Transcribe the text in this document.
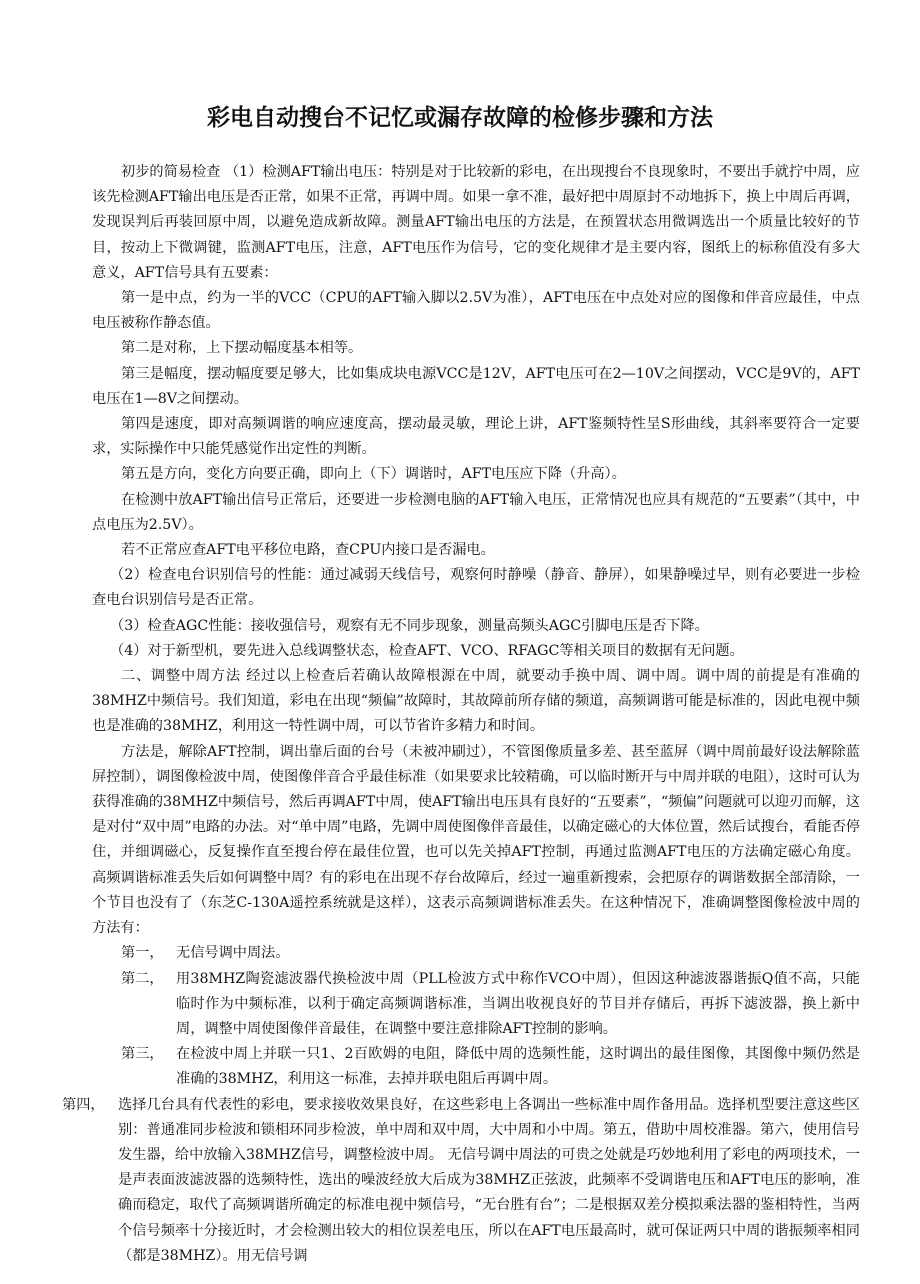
彩电自动搜台不记忆或漏存故障的检修步骤和方法

初步的简易检查 （1）检测AFT输出电压：特别是对于比较新的彩电，在出现搜台不良现象时，不要出手就拧中周，应该先检测AFT输出电压是否正常，如果不正常，再调中周。如果一拿不准，最好把中周原封不动地拆下，换上中周后再调，发现误判后再装回原中周，以避免造成新故障。测量AFT输出电压的方法是，在预置状态用微调选出一个质量比较好的节目，按动上下微调键，监测AFT电压，注意，AFT电压作为信号，它的变化规律才是主要内容，图纸上的标称值没有多大意义，AFT信号具有五要素：

第一是中点，约为一半的VCC（CPU的AFT输入脚以2.5V为准），AFT电压在中点处对应的图像和伴音应最佳，中点电压被称作静态值。

第二是对称，上下摆动幅度基本相等。

第三是幅度，摆动幅度要足够大，比如集成块电源VCC是12V，AFT电压可在2—10V之间摆动，VCC是9V的，AFT电压在1—8V之间摆动。

第四是速度，即对高频调谐的响应速度高，摆动最灵敏，理论上讲，AFT鉴频特性呈S形曲线，其斜率要符合一定要求，实际操作中只能凭感觉作出定性的判断。

第五是方向，变化方向要正确，即向上（下）调谐时，AFT电压应下降（升高）。

在检测中放AFT输出信号正常后，还要进一步检测电脑的AFT输入电压，正常情况也应具有规范的“五要素”（其中，中点电压为2.5V）。

若不正常应查AFT电平移位电路，查CPU内接口是否漏电。

（2）检查电台识别信号的性能：通过减弱天线信号，观察何时静噪（静音、静屏），如果静噪过早，则有必要进一步检查电台识别信号是否正常。

（3）检查AGC性能：接收强信号，观察有无不同步现象，测量高频头AGC引脚电压是否下降。

（4）对于新型机，要先进入总线调整状态，检查AFT、VCO、RFAGC等相关项目的数据有无问题。

二、调整中周方法 经过以上检查后若确认故障根源在中周，就要动手换中周、调中周。调中周的前提是有准确的38MHZ中频信号。我们知道，彩电在出现“频偏”故障时，其故障前所存储的频道，高频调谐可能是标准的，因此电视中频也是准确的38MHZ，利用这一特性调中周，可以节省许多精力和时间。

方法是，解除AFT控制，调出靠后面的台号（未被冲刷过），不管图像质量多差、甚至蓝屏（调中周前最好设法解除蓝屏控制），调图像检波中周，使图像伴音合乎最佳标准（如果要求比较精确，可以临时断开与中周并联的电阻），这时可认为获得准确的38MHZ中频信号，然后再调AFT中周，使AFT输出电压具有良好的“五要素”，“频偏”问题就可以迎刃而解，这是对付“双中周”电路的办法。对“单中周”电路，先调中周使图像伴音最佳，以确定磁心的大体位置，然后试搜台，看能否停住，并细调磁心，反复操作直至搜台停在最佳位置，也可以先关掉AFT控制，再通过监测AFT电压的方法确定磁心角度。 高频调谐标准丢失后如何调整中周？有的彩电在出现不存台故障后，经过一遍重新搜索，会把原存的调谐数据全部清除，一个节目也没有了（东芝C-130A遥控系统就是这样），这表示高频调谐标准丢失。在这种情况下，准确调整图像检波中周的方法有：

第一， 无信号调中周法。
第二， 用38MHZ陶瓷滤波器代换检波中周（PLL检波方式中称作VCO中周），但因这种滤波器谐振Q值不高，只能临时作为中频标准，以利于确定高频调谐标准，当调出收视良好的节目并存储后，再拆下滤波器，换上新中周，调整中周使图像伴音最佳，在调整中要注意排除AFT控制的影响。
第三， 在检波中周上并联一只1、2百欧姆的电阻，降低中周的选频性能，这时调出的最佳图像，其图像中频仍然是准确的38MHZ，利用这一标准，去掉并联电阻后再调中周。
第四， 选择几台具有代表性的彩电，要求接收效果良好，在这些彩电上各调出一些标准中周作备用品。选择机型要注意这些区别：普通准同步检波和锁相环同步检波，单中周和双中周，大中周和小中周。第五，借助中周校准器。第六，使用信号发生器，给中放输入38MHZ信号，调整检波中周。 无信号调中周法的可贵之处就是巧妙地利用了彩电的两项技术，一是声表面波滤波器的选频特性，选出的噪波经放大后成为38MHZ正弦波，此频率不受调谐电压和AFT电压的影响，准确而稳定，取代了高频调谐所确定的标准电视中频信号，“无台胜有台”；二是根据双差分模拟乘法器的鉴相特性，当两个信号频率十分接近时，才会检测出较大的相位误差电压，所以在AFT电压最高时，就可保证两只中周的谐振频率相同（都是38MHZ）。用无信号调
